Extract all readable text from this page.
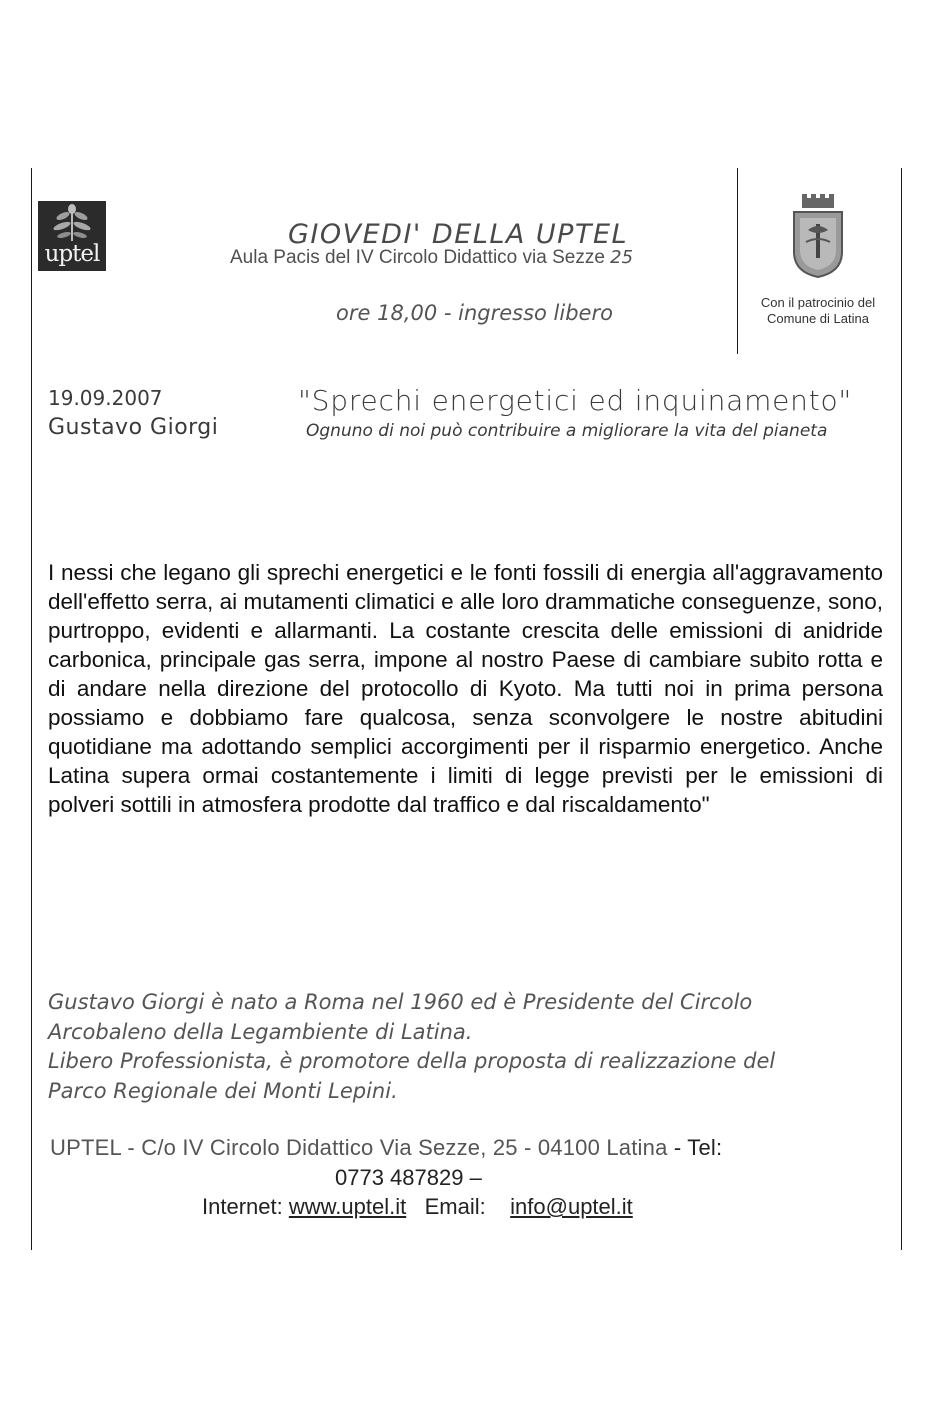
uptel
GIOVEDI' DELLA UPTEL
Aula Pacis del IV Circolo Didattico via Sezze 25
ore 18,00 - ingresso libero	Con il patrocinio del
Comune di Latina
19.09.2007
Gustavo Giorgi
"Sprechi energetici ed inquinamento"
Ognuno di noi può contribuire a migliorare la vita del pianeta
I nessi che legano gli sprechi energetici e le fonti fossili di energia all'aggravamento dell'effetto serra, ai mutamenti climatici e alle loro drammatiche conseguenze, sono, purtroppo, evidenti e allarmanti. La costante crescita delle emissioni di anidride carbonica, principale gas serra, impone al nostro Paese di cambiare subito rotta e di andare nella direzione del protocollo di Kyoto. Ma tutti noi in prima persona possiamo e dobbiamo fare qualcosa, senza sconvolgere le nostre abitudini quotidiane ma adottando semplici accorgimenti per il risparmio energetico. Anche Latina supera ormai costantemente i limiti di legge previsti per le emissioni di polveri sottili in atmosfera prodotte dal traffico e dal riscaldamento"
Gustavo Giorgi è nato a Roma nel 1960 ed è Presidente del Circolo
Arcobaleno della Legambiente di Latina.
Libero Professionista, è promotore della proposta di realizzazione del
Parco Regionale dei Monti Lepini.
UPTEL - C/o IV Circolo Didattico Via Sezze, 25 - 04100 Latina - Tel:
0773 487829 –
Internet: www.uptel.it Email: info@uptel.it
